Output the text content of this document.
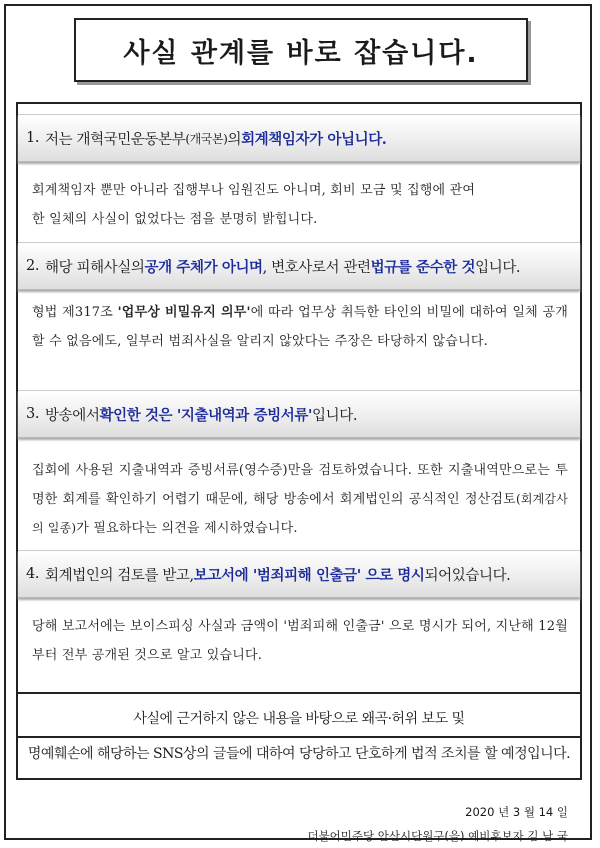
사실 관계를 바로 잡습니다.
1. 저는 개혁국민운동본부 (개국본) 의 회계책임자가 아닙니다.
회계책임자 뿐만 아니라 집행부나 임원진도 아니며, 회비 모금 및 집행에 관여
한 일체의 사실이 없었다는 점을 분명히 밝힙니다.
2. 해당 피해사실의 공개 주체가 아니며 , 변호사로서 관련 법규를 준수한 것 입니다.
형법 제317조 '업무상 비밀유지 의무'에 따라 업무상 취득한 타인의 비밀에 대하여 일체 공개할 수 없음에도, 일부러 범죄사실을 알리지 않았다는 주장은 타당하지 않습니다.
3. 방송에서 확인한 것은 '지출내역과 증빙서류' 입니다.
집회에 사용된 지출내역과 증빙서류(영수증)만을 검토하였습니다. 또한 지출내역만으로는 투명한 회계를 확인하기 어렵기 때문에, 해당 방송에서 회계법인의 공식적인 정산검토(회계감사의 일종)가 필요하다는 의견을 제시하였습니다.
4. 회계법인의 검토를 받고, 보고서에 '범죄피해 인출금' 으로 명시 되어있습니다.
당해 보고서에는 보이스피싱 사실과 금액이 '범죄피해 인출금' 으로 명시가 되어, 지난해 12월부터 전부 공개된 것으로 알고 있습니다.
사실에 근거하지 않은 내용을 바탕으로 왜곡·허위 보도 및
명예훼손에 해당하는 SNS상의 글들에 대하여 당당하고 단호하게 법적 조치를 할 예정입니다.
2020 년 3 월 14 일
더불어민주당 안산시단원구(을) 예비후보자 김 남 국
